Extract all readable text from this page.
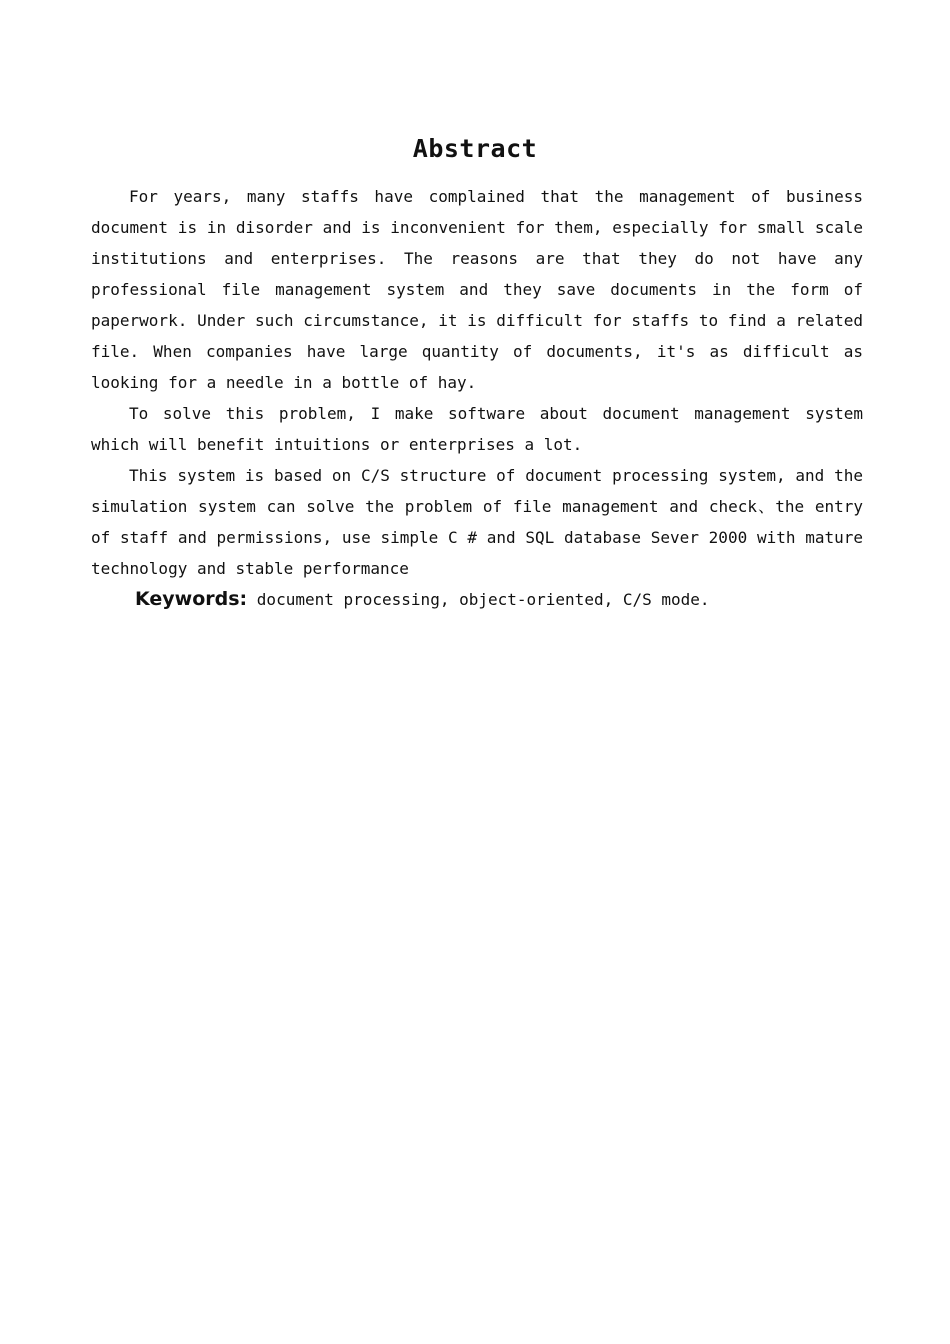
Abstract

For years, many staffs have complained that the management of business document is in disorder and is inconvenient for them, especially for small scale institutions and enterprises. The reasons are that they do not have any professional file management system and they save documents in the form of paperwork. Under such circumstance, it is difficult for staffs to find a related file. When companies have large quantity of documents, it's as difficult as looking for a needle in a bottle of hay.

To solve this problem, I make software about document management system which will benefit intuitions or enterprises a lot.

This system is based on C/S structure of document processing system, and the simulation system can solve the problem of file management and check、the entry of staff and permissions, use simple C # and SQL database Sever 2000 with mature technology and stable performance

Keywords: document processing, object-oriented, C/S mode.
